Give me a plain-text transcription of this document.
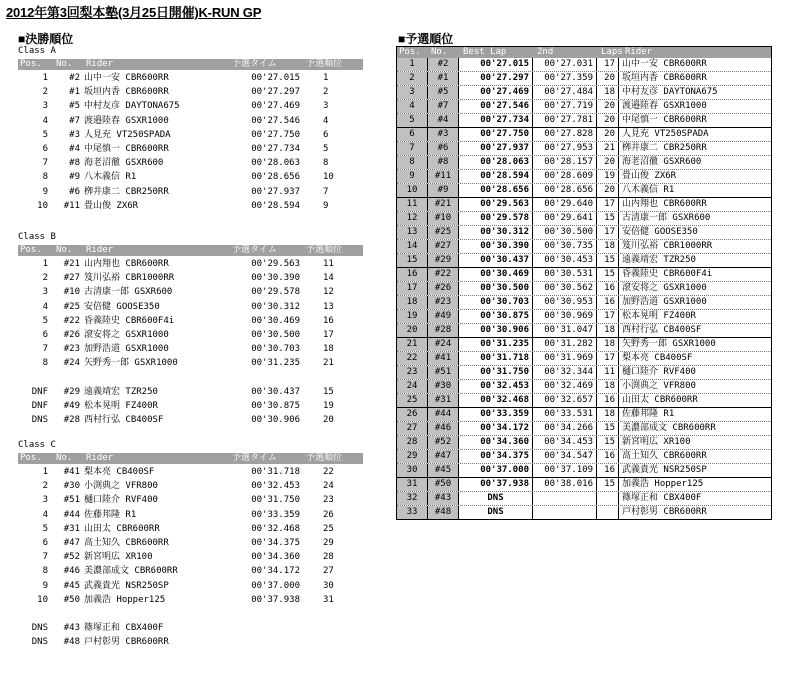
2012年第3回梨本塾(3月25日開催)K-RUN GP
■決勝順位
Class A
Pos.	No.	Rider	予選タイム	予選順位
1	#2 山中一安 CBR600RR	00'27.015	1
2	#1 坂垣内香 CBR600RR	00'27.297	2
3	#5 中村友彦 DAYTONA675	00'27.469	3
4	#7 渡邉陸春 GSXR1000	00'27.546	4
5	#3 人見充 VT250SPADA	00'27.750	6
6	#4 中尾慎一 CBR600RR	00'27.734	5
7	#8 海老沼徹 GSXR600	00'28.063	8
8	#9 八木義信 R1	00'28.656	10
9	#6 栁井康二 CBR250RR	00'27.937	7
10	#11 畳山俊 ZX6R	00'28.594	9
Class B
Pos.	No.	Rider	予選タイム	予選順位
1	#21 山内翔也 CBR600RR	00'29.563	11
2	#27 笈川弘裕 CBR1000RR	00'30.390	14
3	#10 古清康一郎 GSXR600	00'29.578	12
4	#25 安倍健 GOOSE350	00'30.312	13
5	#22 昏義陸史 CBR600F4i	00'30.469	16
6	#26 滾安将之 GSXR1000	00'30.500	17
7	#23 加野浩道 GSXR1000	00'30.703	18
8	#24 矢野秀一郎 GSXR1000	00'31.235	21
DNF	#29 遠義靖宏 TZR250	00'30.437	15
DNF	#49 松本晃明 FZ400R	00'30.875	19
DNS	#28 西村行弘 CB400SF	00'30.906	20
Class C
Pos.	No.	Rider	予選タイム	予選順位
1	#41 梨本亮 CB400SF	00'31.718	22
2	#30 小渕典之 VFR800	00'32.453	24
3	#51 樋口陸介 RVF400	00'31.750	23
4	#44 佐藤邦隆 R1	00'33.359	26
5	#31 山田太 CBR600RR	00'32.468	25
6	#47 高土知久 CBR600RR	00'34.375	29
7	#52 新宮明広 XR100	00'34.360	28
8	#46 美濃部成文 CBR600RR	00'34.172	27
9	#45 武義貴光 NSR250SP	00'37.000	30
10	#50 加義浩 Hopper125	00'37.938	31
DNS	#43 篠塚正和 CBX400F
DNS	#48 戸村彰男 CBR600RR
■予選順位
Pos. No. Best Lap	2nd	Laps Rider
1	#2	00'27.015	00'27.031	17 山中一安 CBR600RR
2	#1	00'27.297	00'27.359	20 坂垣内香 CBR600RR
3	#5	00'27.469	00'27.484	18 中村友彦 DAYTONA675
4	#7	00'27.546	00'27.719	20 渡邉陸春 GSXR1000
5	#4	00'27.734	00'27.781	20 中尾慎一 CBR600RR
6	#3	00'27.750	00'27.828	20 人見充 VT250SPADA
7	#6	00'27.937	00'27.953	21 栁井康二 CBR250RR
8	#8	00'28.063	00'28.157	20 海老沼徹 GSXR600
9	#11	00'28.594	00'28.609	19 畳山俊 ZX6R
10	#9	00'28.656	00'28.656	20 八木義信 R1
11	#21	00'29.563	00'29.640	17 山内翔也 CBR600RR
12	#10	00'29.578	00'29.641	15 古清康一郎 GSXR600
13	#25	00'30.312	00'30.500	17 安倍健 GOOSE350
14	#27	00'30.390	00'30.735	18 笈川弘裕 CBR1000RR
15	#29	00'30.437	00'30.453	15 遠義靖宏 TZR250
16	#22	00'30.469	00'30.531	15 昏義陸史 CBR600F4i
17	#26	00'30.500	00'30.562	16 滾安将之 GSXR1000
18	#23	00'30.703	00'30.953	16 加野浩道 GSXR1000
19	#49	00'30.875	00'30.969	17 松本晃明 FZ400R
20	#28	00'30.906	00'31.047	18 西村行弘 CB400SF
21	#24	00'31.235	00'31.282	18 矢野秀一郎 GSXR1000
22	#41	00'31.718	00'31.969	17 梨本亮 CB400SF
23	#51	00'31.750	00'32.344	11 樋口陸介 RVF400
24	#30	00'32.453	00'32.469	18 小渕典之 VFR800
25	#31	00'32.468	00'32.657	16 山田太 CBR600RR
26	#44	00'33.359	00'33.531	18 佐藤邦隆 R1
27	#46	00'34.172	00'34.266	15 美濃部成文 CBR600RR
28	#52	00'34.360	00'34.453	15 新宮明広 XR100
29	#47	00'34.375	00'34.547	16 高土知久 CBR600RR
30	#45	00'37.000	00'37.109	16 武義貴光 NSR250SP
31	#50	00'37.938	00'38.016	15 加義浩 Hopper125
32	#43	DNS	篠塚正和 CBX400F
33	#48	DNS	戸村彰男 CBR600RR
